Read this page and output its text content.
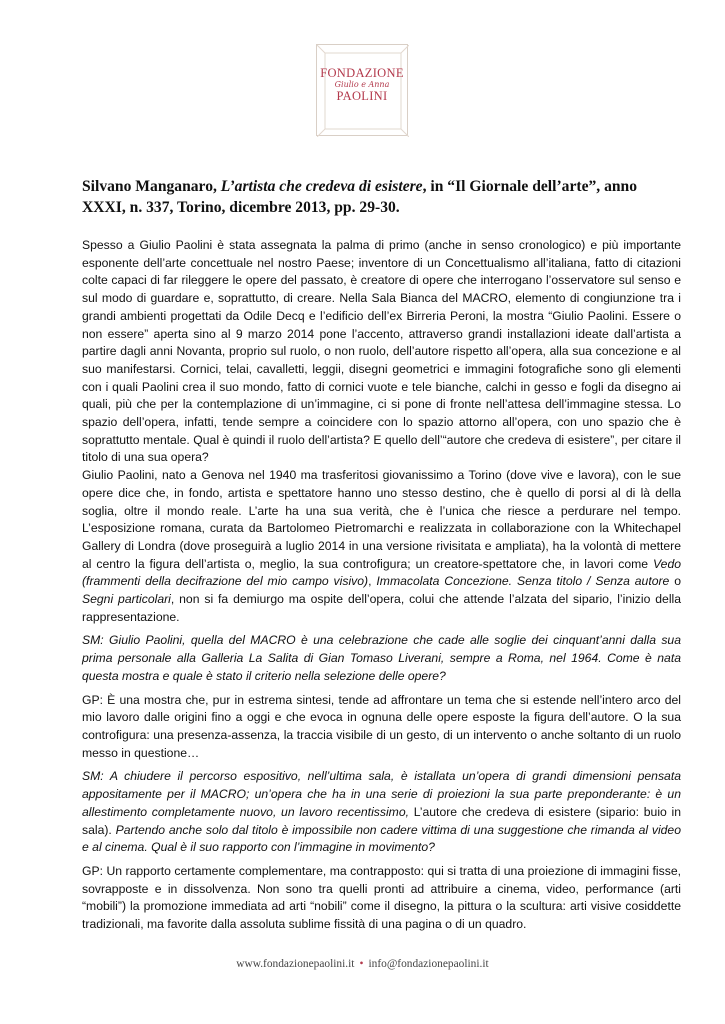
FONDAZIONE
Giulio e Anna
PAOLINI
Silvano Manganaro, L’artista che credeva di esistere, in “Il Giornale dell’arte”, anno XXXI, n. 337, Torino, dicembre 2013, pp. 29-30.

Spesso a Giulio Paolini è stata assegnata la palma di primo (anche in senso cronologico) e più importante esponente dell’arte concettuale nel nostro Paese; inventore di un Concettualismo all’italiana, fatto di citazioni colte capaci di far rileggere le opere del passato, è creatore di opere che interrogano l’osservatore sul senso e sul modo di guardare e, soprattutto, di creare. Nella Sala Bianca del MACRO, elemento di congiunzione tra i grandi ambienti progettati da Odile Decq e l’edificio dell’ex Birreria Peroni, la mostra “Giulio Paolini. Essere o non essere” aperta sino al 9 marzo 2014 pone l’accento, attraverso grandi installazioni ideate dall’artista a partire dagli anni Novanta, proprio sul ruolo, o non ruolo, dell’autore rispetto all’opera, alla sua concezione e al suo manifestarsi. Cornici, telai, cavalletti, leggii, disegni geometrici e immagini fotografiche sono gli elementi con i quali Paolini crea il suo mondo, fatto di cornici vuote e tele bianche, calchi in gesso e fogli da disegno ai quali, più che per la contemplazione di un’immagine, ci si pone di fronte nell’attesa dell’immagine stessa. Lo spazio dell’opera, infatti, tende sempre a coincidere con lo spazio attorno all’opera, con uno spazio che è soprattutto mentale. Qual è quindi il ruolo dell’artista? E quello dell’“autore che credeva di esistere”, per citare il titolo di una sua opera?

Giulio Paolini, nato a Genova nel 1940 ma trasferitosi giovanissimo a Torino (dove vive e lavora), con le sue opere dice che, in fondo, artista e spettatore hanno uno stesso destino, che è quello di porsi al di là della soglia, oltre il mondo reale. L’arte ha una sua verità, che è l’unica che riesce a perdurare nel tempo. L’esposizione romana, curata da Bartolomeo Pietromarchi e realizzata in collaborazione con la Whitechapel Gallery di Londra (dove proseguirà a luglio 2014 in una versione rivisitata e ampliata), ha la volontà di mettere al centro la figura dell’artista o, meglio, la sua controfigura; un creatore-spettatore che, in lavori come Vedo (frammenti della decifrazione del mio campo visivo), Immacolata Concezione. Senza titolo / Senza autore o Segni particolari, non si fa demiurgo ma ospite dell’opera, colui che attende l’alzata del sipario, l’inizio della rappresentazione.

SM: Giulio Paolini, quella del MACRO è una celebrazione che cade alle soglie dei cinquant’anni dalla sua prima personale alla Galleria La Salita di Gian Tomaso Liverani, sempre a Roma, nel 1964. Come è nata questa mostra e quale è stato il criterio nella selezione delle opere?

GP: È una mostra che, pur in estrema sintesi, tende ad affrontare un tema che si estende nell’intero arco del mio lavoro dalle origini fino a oggi e che evoca in ognuna delle opere esposte la figura dell’autore. O la sua controfigura: una presenza-assenza, la traccia visibile di un gesto, di un intervento o anche soltanto di un ruolo messo in questione…

SM: A chiudere il percorso espositivo, nell’ultima sala, è istallata un’opera di grandi dimensioni pensata appositamente per il MACRO; un’opera che ha in una serie di proiezioni la sua parte preponderante: è un allestimento completamente nuovo, un lavoro recentissimo, L’autore che credeva di esistere (sipario: buio in sala). Partendo anche solo dal titolo è impossibile non cadere vittima di una suggestione che rimanda al video e al cinema. Qual è il suo rapporto con l’immagine in movimento?

GP: Un rapporto certamente complementare, ma contrapposto: qui si tratta di una proiezione di immagini fisse, sovrapposte e in dissolvenza. Non sono tra quelli pronti ad attribuire a cinema, video, performance (arti “mobili”) la promozione immediata ad arti “nobili” come il disegno, la pittura o la scultura: arti visive cosiddette tradizionali, ma favorite dalla assoluta sublime fissità di una pagina o di un quadro.

www.fondazionepaolini.it • info@fondazionepaolini.it
